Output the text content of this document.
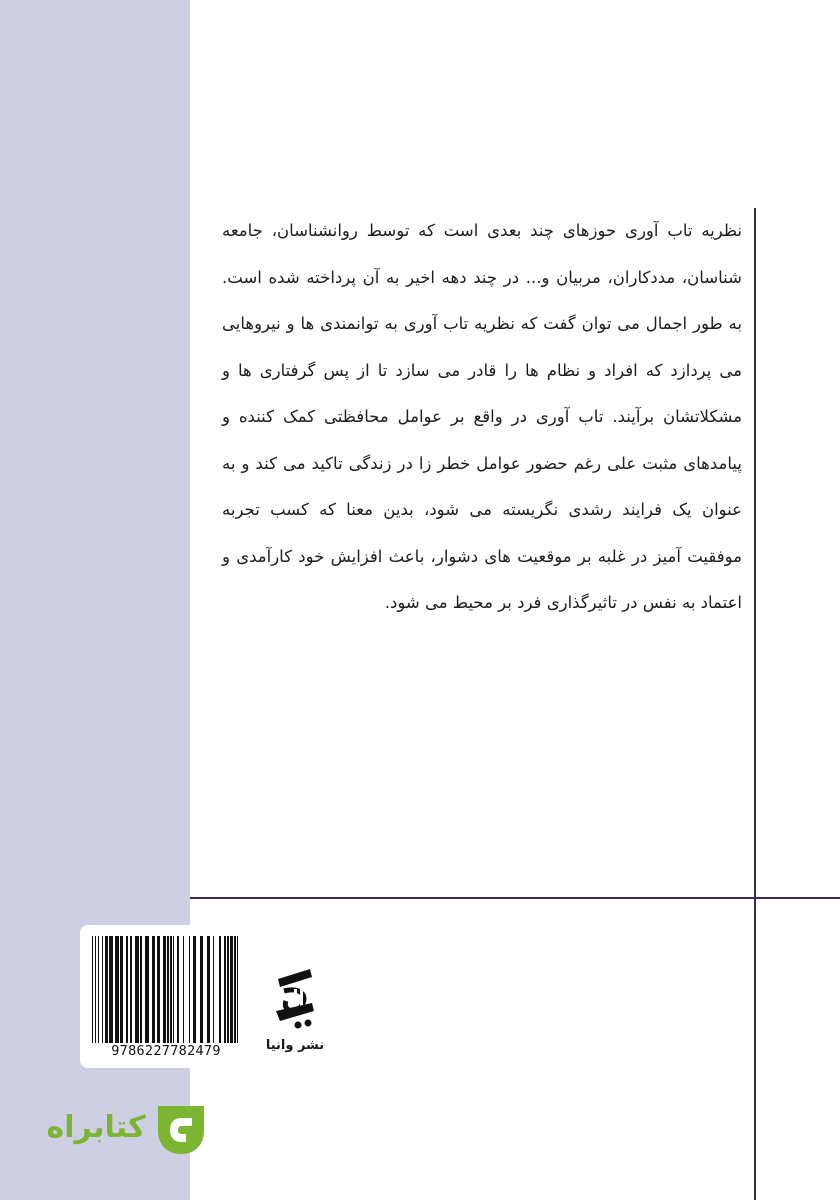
نظریه تاب آوری حوزهای چند بعدی است که توسط روانشناسان، جامعه شناسان، مددکاران، مربیان و... در چند دهه اخیر به آن پرداخته شده است. به طور اجمال می توان گفت که نظریه تاب آوری به توانمندی ها و نیروهایی می پردازد که افراد و نظام ها را قادر می سازد تا از پس گرفتاری ها و مشکلاتشان برآیند. تاب آوری در واقع بر عوامل محافظتی کمک کننده و پیامدهای مثبت علی رغم حضور عوامل خطر زا در زندگی تاکید می کند و به عنوان یک فرایند رشدی نگریسته می شود، بدین معنا که کسب تجربه موفقیت آمیز در غلبه بر موقعیت های دشوار، باعث افزایش خود کارآمدی و اعتماد به نفس در تاثیرگذاری فرد بر محیط می شود.

9786227782479	نشر وانیا
کتابراه
